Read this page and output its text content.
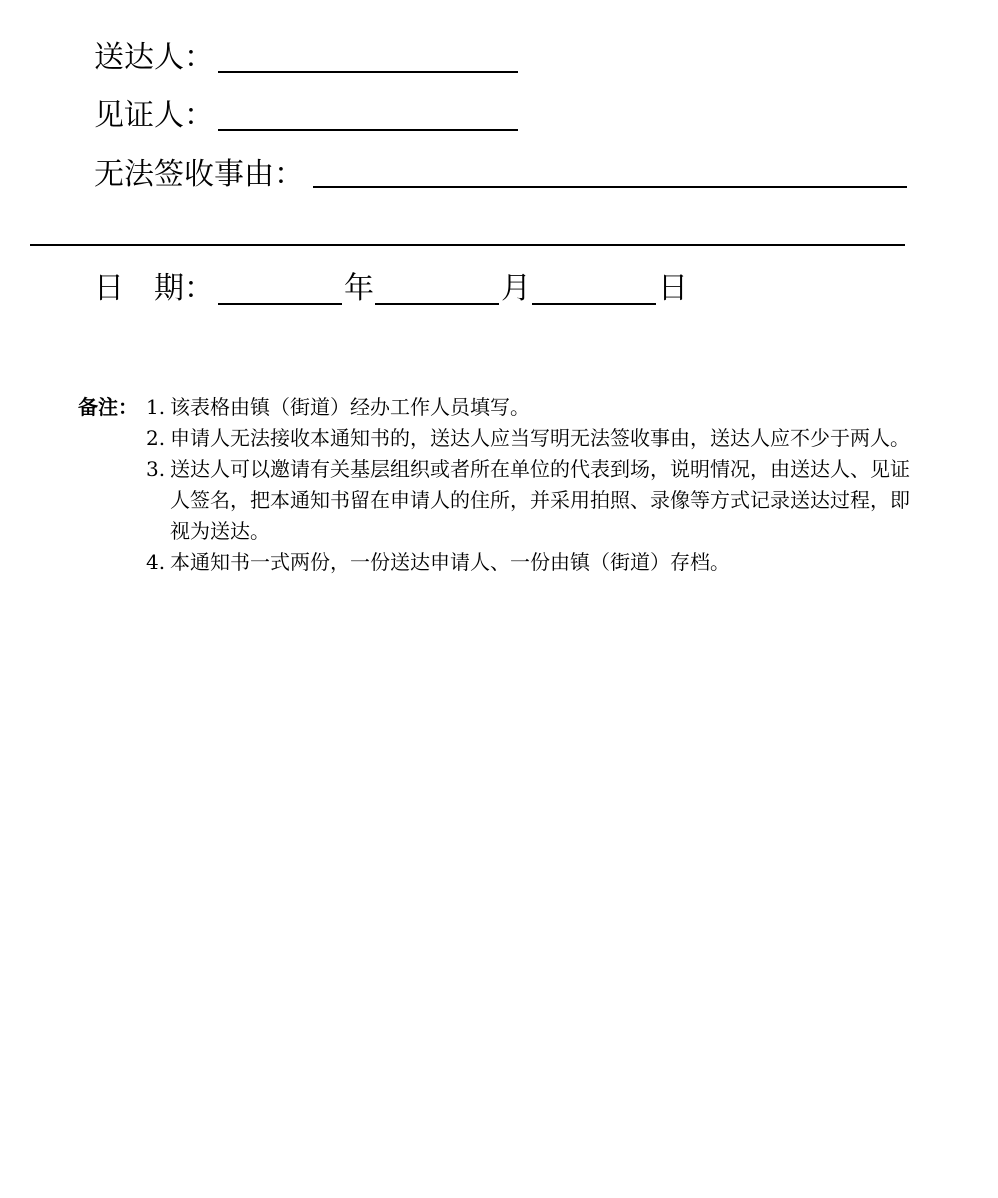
送达人：
见证人：
无法签收事由：
日　期：	年	月	日
备注： 1. 该表格由镇（街道）经办工作人员填写。

2. 申请人无法接收本通知书的，送达人应当写明无法签收事由，送达人应不少于两人。

3. 送达人可以邀请有关基层组织或者所在单位的代表到场，说明情况，由送达人、见证人签名，把本通知书留在申请人的住所，并采用拍照、录像等方式记录送达过程，即视为送达。

4. 本通知书一式两份，一份送达申请人、一份由镇（街道）存档。
